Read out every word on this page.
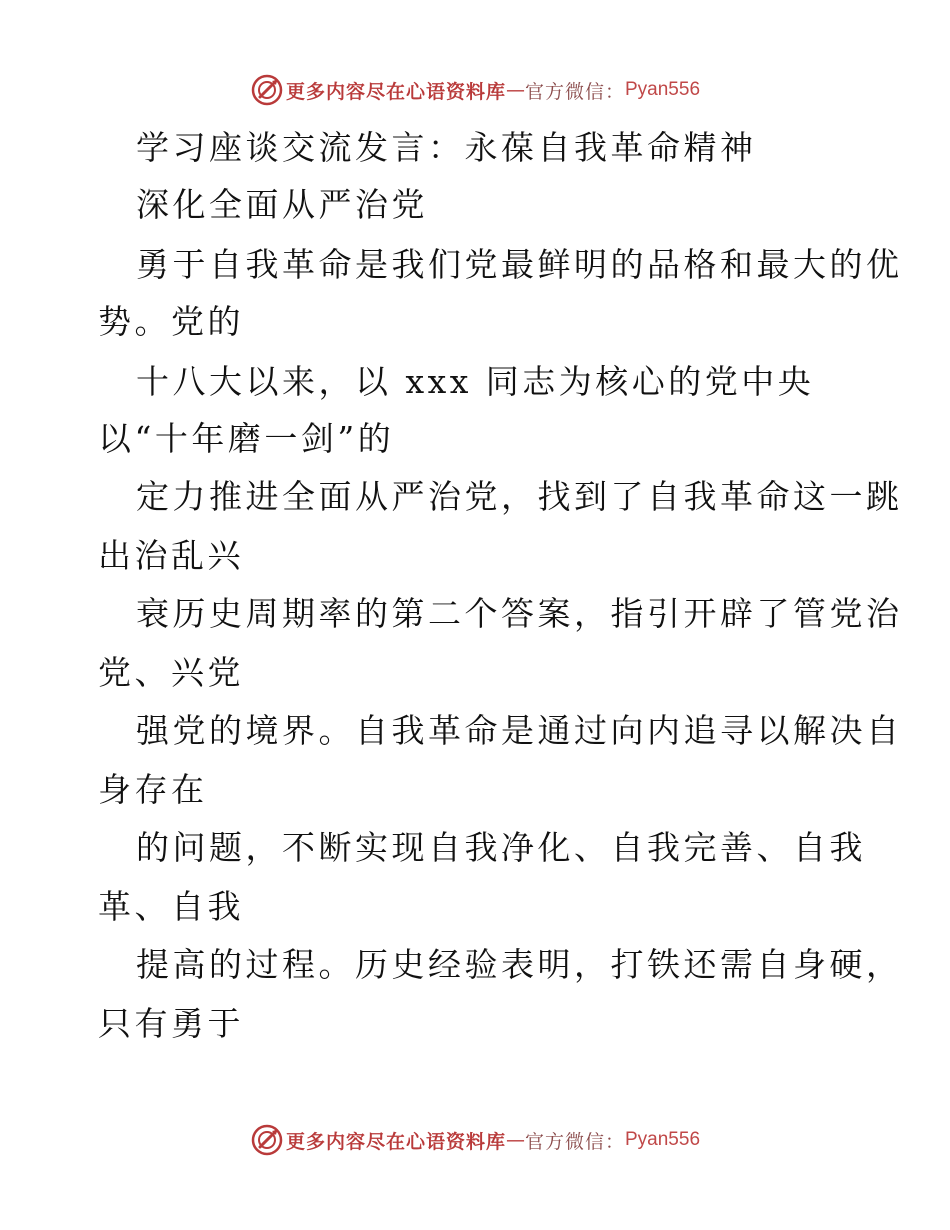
更多内容尽在心语资料库 — 官方微信： Pyan556
学习座谈交流发言：永葆自我革命精神
深化全面从严治党
勇于自我革命是我们党最鲜明的品格和最大的优
势。党的
十八大以来，以 xxx 同志为核心的党中央
以“十年磨一剑”的
定力推进全面从严治党，找到了自我革命这一跳
出治乱兴
衰历史周期率的第二个答案，指引开辟了管党治
党、兴党
强党的境界。自我革命是通过向内追寻以解决自
身存在
的问题，不断实现自我净化、自我完善、自我
革、自我
提高的过程。历史经验表明，打铁还需自身硬，
只有勇于
更多内容尽在心语资料库 — 官方微信： Pyan556
